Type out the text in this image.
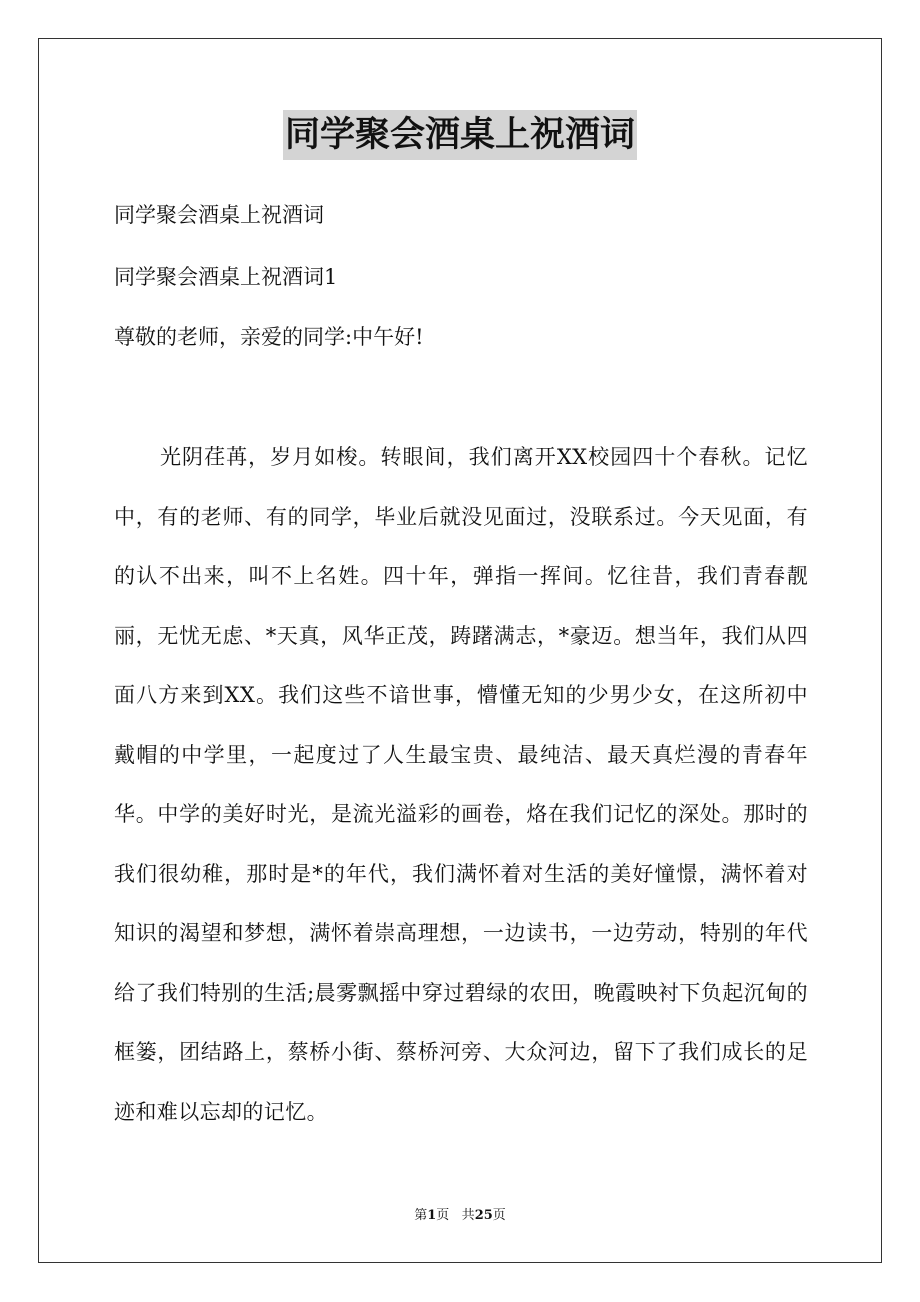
同学聚会酒桌上祝酒词
同学聚会酒桌上祝酒词
同学聚会酒桌上祝酒词1
尊敬的老师，亲爱的同学:中午好!
光阴荏苒，岁月如梭。转眼间，我们离开XX校园四十个春秋。记忆中，有的老师、有的同学，毕业后就没见面过，没联系过。今天见面，有的认不出来，叫不上名姓。四十年，弹指一挥间。忆往昔，我们青春靓丽，无忧无虑、*天真，风华正茂，踌躇满志，*豪迈。想当年，我们从四面八方来到XX。我们这些不谙世事，懵懂无知的少男少女，在这所初中戴帽的中学里，一起度过了人生最宝贵、最纯洁、最天真烂漫的青春年华。中学的美好时光，是流光溢彩的画卷，烙在我们记忆的深处。那时的我们很幼稚，那时是*的年代，我们满怀着对生活的美好憧憬，满怀着对知识的渴望和梦想，满怀着崇高理想，一边读书，一边劳动，特别的年代给了我们特别的生活;晨雾飘摇中穿过碧绿的农田，晚霞映衬下负起沉甸的框篓，团结路上，蔡桥小街、蔡桥河旁、大众河边，留下了我们成长的足迹和难以忘却的记忆。
第1页 共25页
